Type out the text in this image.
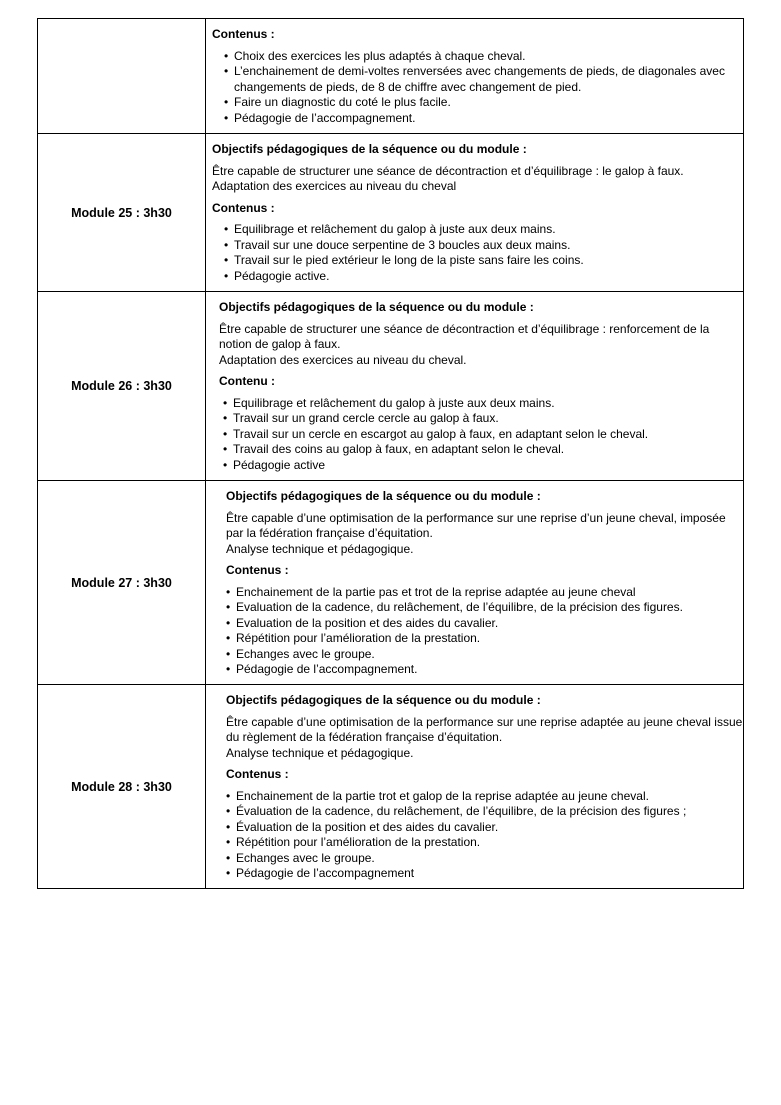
Contenus :
• Choix des exercices les plus adaptés à chaque cheval.
• L’enchainement de demi-voltes renversées avec changements de pieds, de diagonales avec changements de pieds, de 8 de chiffre avec changement de pied.
• Faire un diagnostic du coté le plus facile.
• Pédagogie de l’accompagnement.
Module 25 : 3h30
Objectifs pédagogiques de la séquence ou du module :

Être capable de structurer une séance de décontraction et d’équilibrage : le galop à faux.

Adaptation des exercices au niveau du cheval

Contenus :
• Equilibrage et relâchement du galop à juste aux deux mains.
• Travail sur une douce serpentine de 3 boucles aux deux mains.
• Travail sur le pied extérieur le long de la piste sans faire les coins.
• Pédagogie active.
Module 26 : 3h30
Objectifs pédagogiques de la séquence ou du module :

Être capable de structurer une séance de décontraction et d’équilibrage : renforcement de la notion de galop à faux.

Adaptation des exercices au niveau du cheval.

Contenu :
• Equilibrage et relâchement du galop à juste aux deux mains.
• Travail sur un grand cercle cercle au galop à faux.
• Travail sur un cercle en escargot au galop à faux, en adaptant selon le cheval.
• Travail des coins au galop à faux, en adaptant selon le cheval.
• Pédagogie active
Module 27 : 3h30
Objectifs pédagogiques de la séquence ou du module :

Être capable d’une optimisation de la performance sur une reprise d’un jeune cheval, imposée par la fédération française d’équitation.

Analyse technique et pédagogique.

Contenus :
• Enchainement de la partie pas et trot de la reprise adaptée au jeune cheval
• Evaluation de la cadence, du relâchement, de l’équilibre, de la précision des figures.
• Evaluation de la position et des aides du cavalier.
• Répétition pour l’amélioration de la prestation.
• Echanges avec le groupe.
• Pédagogie de l’accompagnement.
Module 28 : 3h30
Objectifs pédagogiques de la séquence ou du module :

Être capable d’une optimisation de la performance sur une reprise adaptée au jeune cheval issue du règlement de la fédération française d’équitation.

Analyse technique et pédagogique.

Contenus :
• Enchainement de la partie trot et galop de la reprise adaptée au jeune cheval.
• Évaluation de la cadence, du relâchement, de l’équilibre, de la précision des figures ;
• Évaluation de la position et des aides du cavalier.
• Répétition pour l’amélioration de la prestation.
• Echanges avec le groupe.
• Pédagogie de l’accompagnement
